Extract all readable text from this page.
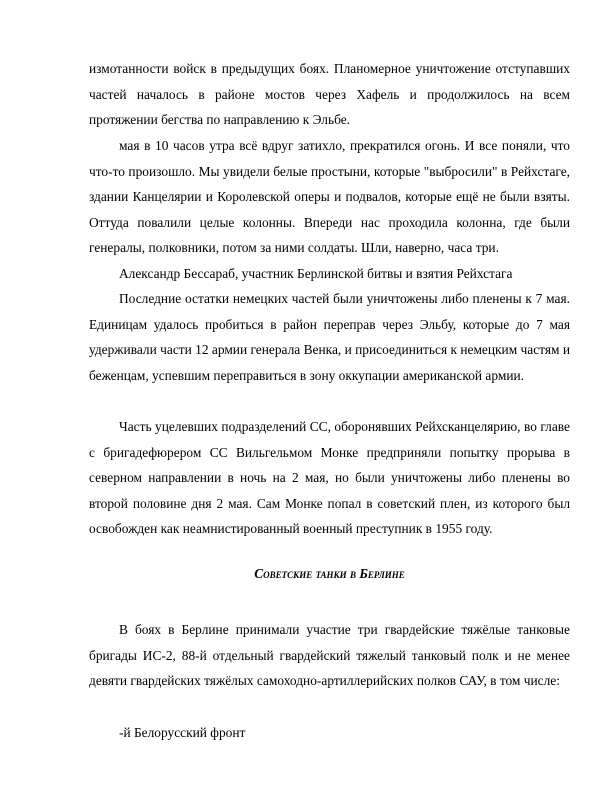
измотанности войск в предыдущих боях. Планомерное уничтожение отступавших частей началось в районе мостов через Хафель и продолжилось на всем протяжении бегства по направлению к Эльбе.

мая в 10 часов утра всё вдруг затихло, прекратился огонь. И все поняли, что что-то произошло. Мы увидели белые простыни, которые "выбросили" в Рейхстаге, здании Канцелярии и Королевской оперы и подвалов, которые ещё не были взяты. Оттуда повалили целые колонны. Впереди нас проходила колонна, где были генералы, полковники, потом за ними солдаты. Шли, наверно, часа три.

Александр Бессараб, участник Берлинской битвы и взятия Рейхстага

Последние остатки немецких частей были уничтожены либо пленены к 7 мая. Единицам удалось пробиться в район переправ через Эльбу, которые до 7 мая удерживали части 12 армии генерала Венка, и присоединиться к немецким частям и беженцам, успевшим переправиться в зону оккупации американской армии.

Часть уцелевших подразделений СС, оборонявших Рейхсканцелярию, во главе с бригадефюрером СС Вильгельмом Монке предприняли попытку прорыва в северном направлении в ночь на 2 мая, но были уничтожены либо пленены во второй половине дня 2 мая. Сам Монке попал в советский плен, из которого был освобожден как неамнистированный военный преступник в 1955 году.

Советские танки в Берлине

В боях в Берлине принимали участие три гвардейские тяжёлые танковые бригады ИС-2, 88-й отдельный гвардейский тяжелый танковый полк и не менее девяти гвардейских тяжёлых самоходно-артиллерийских полков САУ, в том числе:

-й Белорусский фронт
